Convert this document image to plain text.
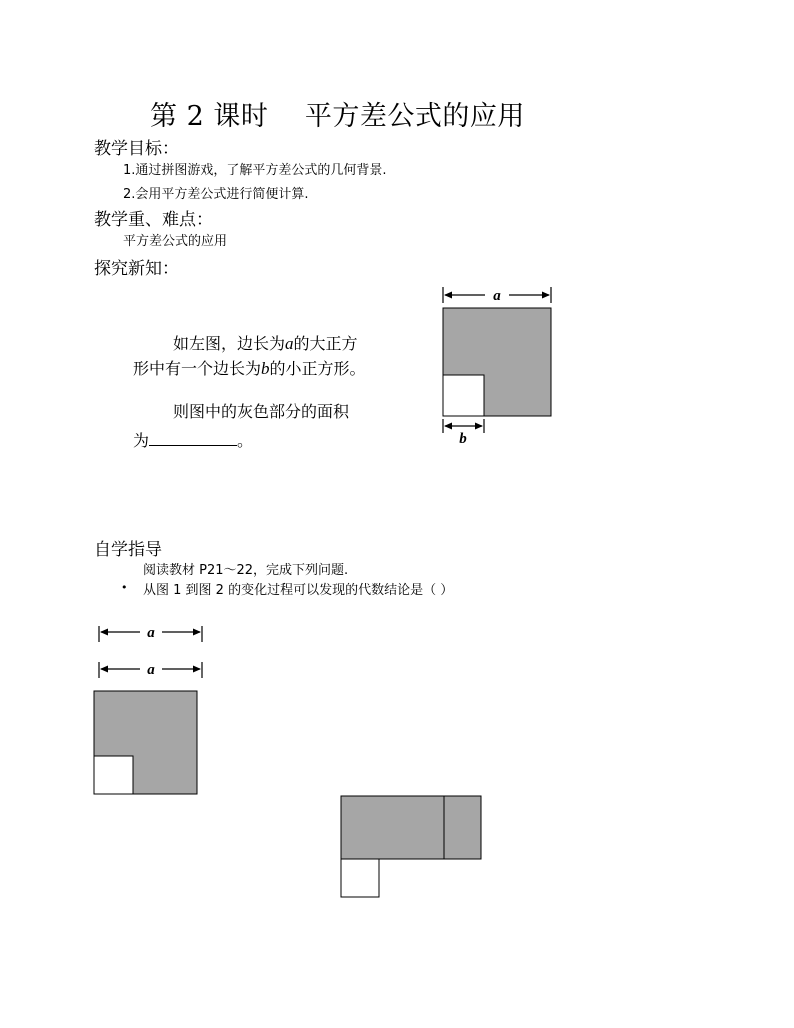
第 2 课时　 平方差公式的应用
教学目标：
1.通过拼图游戏，了解平方差公式的几何背景.
2.会用平方差公式进行简便计算.
教学重、难点：
平方差公式的应用
探究新知：
如左图，边长为a的大正方
形中有一个边长为b的小正方形。
则图中的灰色部分的面积
为	。
自学指导
阅读教材 P21～22，完成下列问题.
• 从图 1 到图 2 的变化过程可以发现的代数结论是（ ）
a
b
a
a
